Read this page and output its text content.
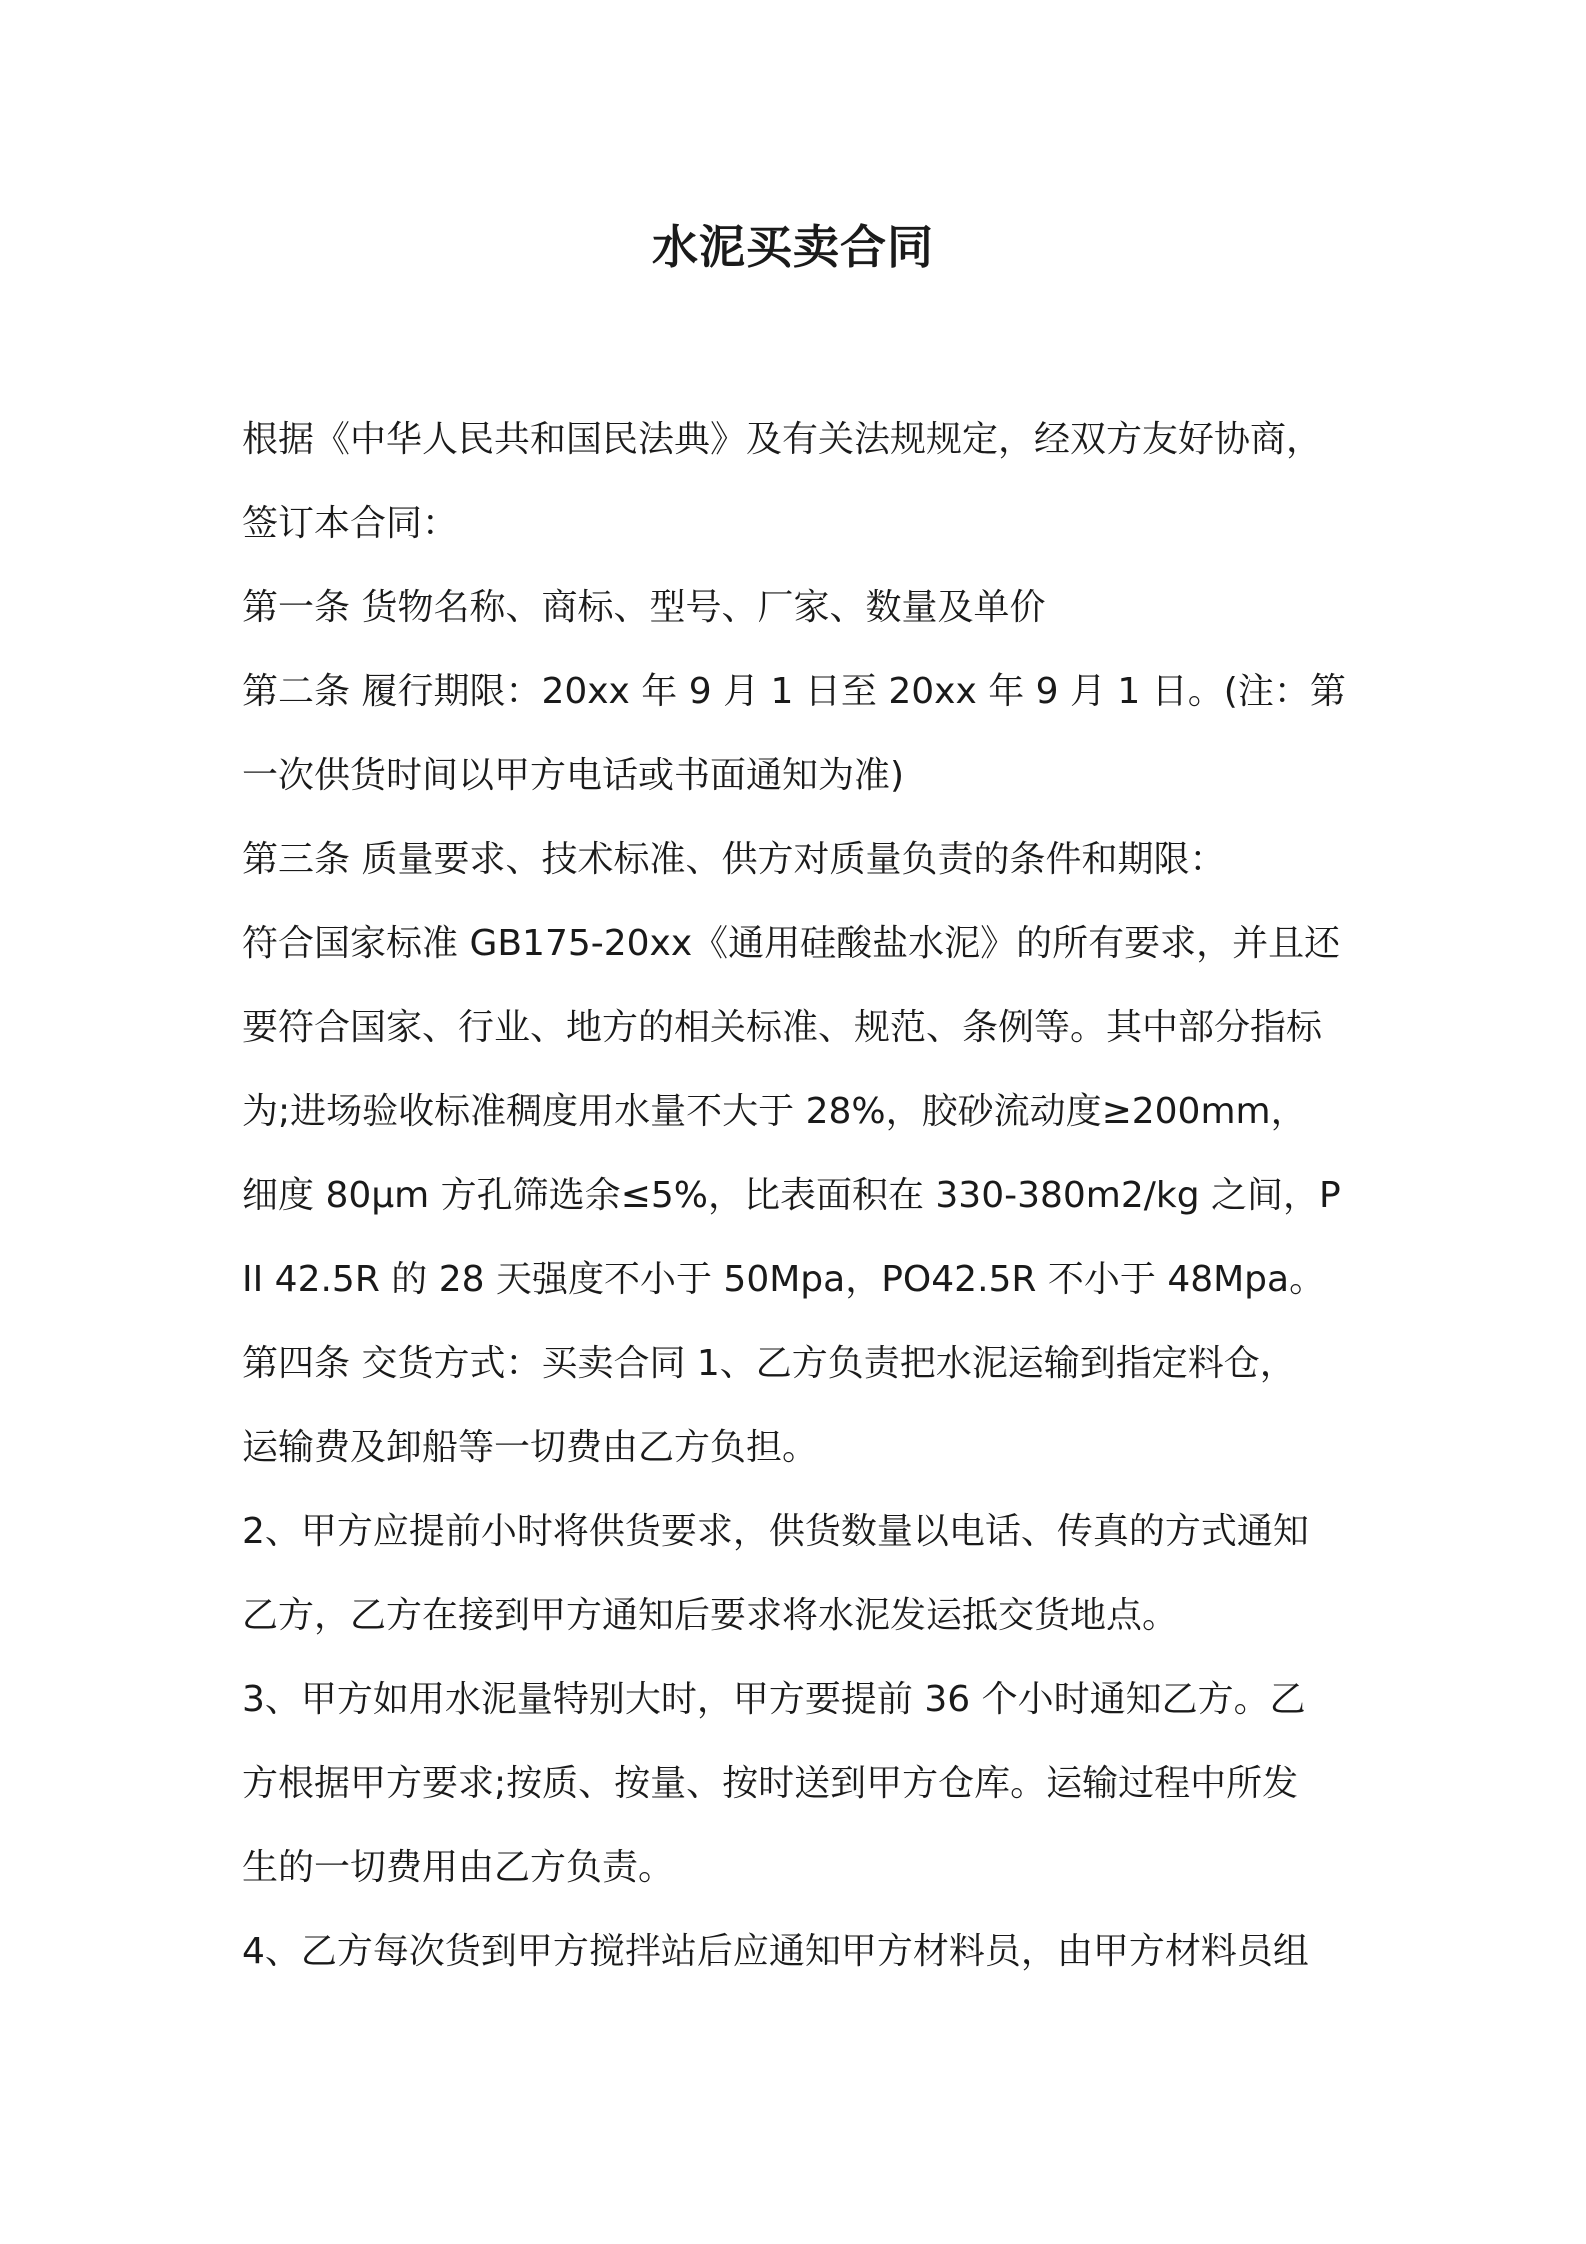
水泥买卖合同
根据《中华人民共和国民法典》及有关法规规定，经双方友好协商，
签订本合同：
第一条 货物名称、商标、型号、厂家、数量及单价
第二条 履行期限：20xx 年 9 月 1 日至 20xx 年 9 月 1 日。(注：第
一次供货时间以甲方电话或书面通知为准)
第三条 质量要求、技术标准、供方对质量负责的条件和期限：
符合国家标准 GB175-20xx《通用硅酸盐水泥》的所有要求，并且还
要符合国家、行业、地方的相关标准、规范、条例等。其中部分指标
为;进场验收标准稠度用水量不大于 28%，胶砂流动度≥200mm，
细度 80μm 方孔筛选余≤5%，比表面积在 330-380m2/kg 之间，P
II 42.5R 的 28 天强度不小于 50Mpa，PO42.5R 不小于 48Mpa。
第四条 交货方式：买卖合同 1、乙方负责把水泥运输到指定料仓，
运输费及卸船等一切费由乙方负担。
2、甲方应提前小时将供货要求，供货数量以电话、传真的方式通知
乙方，乙方在接到甲方通知后要求将水泥发运抵交货地点。
3、甲方如用水泥量特别大时，甲方要提前 36 个小时通知乙方。乙
方根据甲方要求;按质、按量、按时送到甲方仓库。运输过程中所发
生的一切费用由乙方负责。
4、乙方每次货到甲方搅拌站后应通知甲方材料员，由甲方材料员组
